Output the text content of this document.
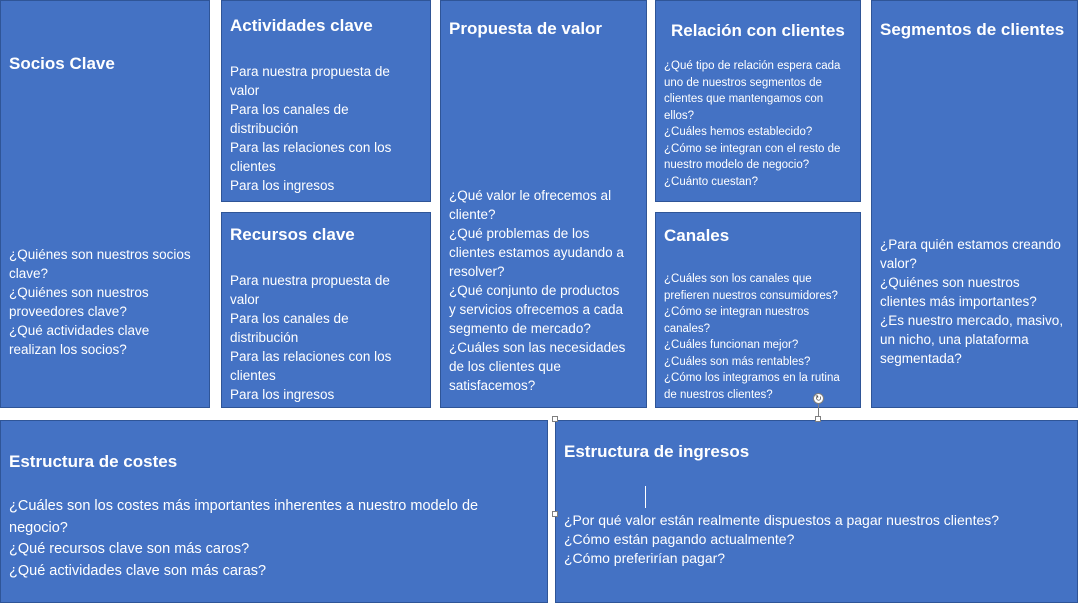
Socios Clave
¿Quiénes son nuestros socios
clave?
¿Quiénes son nuestros
proveedores clave?
¿Qué actividades clave
realizan los socios?
Actividades clave
Para nuestra propuesta de
valor
Para los canales de
distribución
Para las relaciones con los
clientes
Para los ingresos
Recursos clave
Para nuestra propuesta de
valor
Para los canales de
distribución
Para las relaciones con los
clientes
Para los ingresos
Propuesta de valor
¿Qué valor le ofrecemos al
cliente?
¿Qué problemas de los
clientes estamos ayudando a
resolver?
¿Qué conjunto de productos
y servicios ofrecemos a cada
segmento de mercado?
¿Cuáles son las necesidades
de los clientes que
satisfacemos?
Relación con clientes
¿Qué tipo de relación espera cada
uno de nuestros segmentos de
clientes que mantengamos con
ellos?
¿Cuáles hemos establecido?
¿Cómo se integran con el resto de
nuestro modelo de negocio?
¿Cuánto cuestan?
Canales
¿Cuáles son los canales que
prefieren nuestros consumidores?
¿Cómo se integran nuestros
canales?
¿Cuáles funcionan mejor?
¿Cuáles son más rentables?
¿Cómo los integramos en la rutina
de nuestros clientes?
Segmentos de clientes
¿Para quién estamos creando
valor?
¿Quiénes son nuestros
clientes más importantes?
¿Es nuestro mercado, masivo,
un nicho, una plataforma
segmentada?
Estructura de costes
¿Cuáles son los costes más importantes inherentes a nuestro modelo de
negocio?
¿Qué recursos clave son más caros?
¿Qué actividades clave son más caras?
Estructura de ingresos
¿Por qué valor están realmente dispuestos a pagar nuestros clientes?
¿Cómo están pagando actualmente?
¿Cómo preferirían pagar?
↻
